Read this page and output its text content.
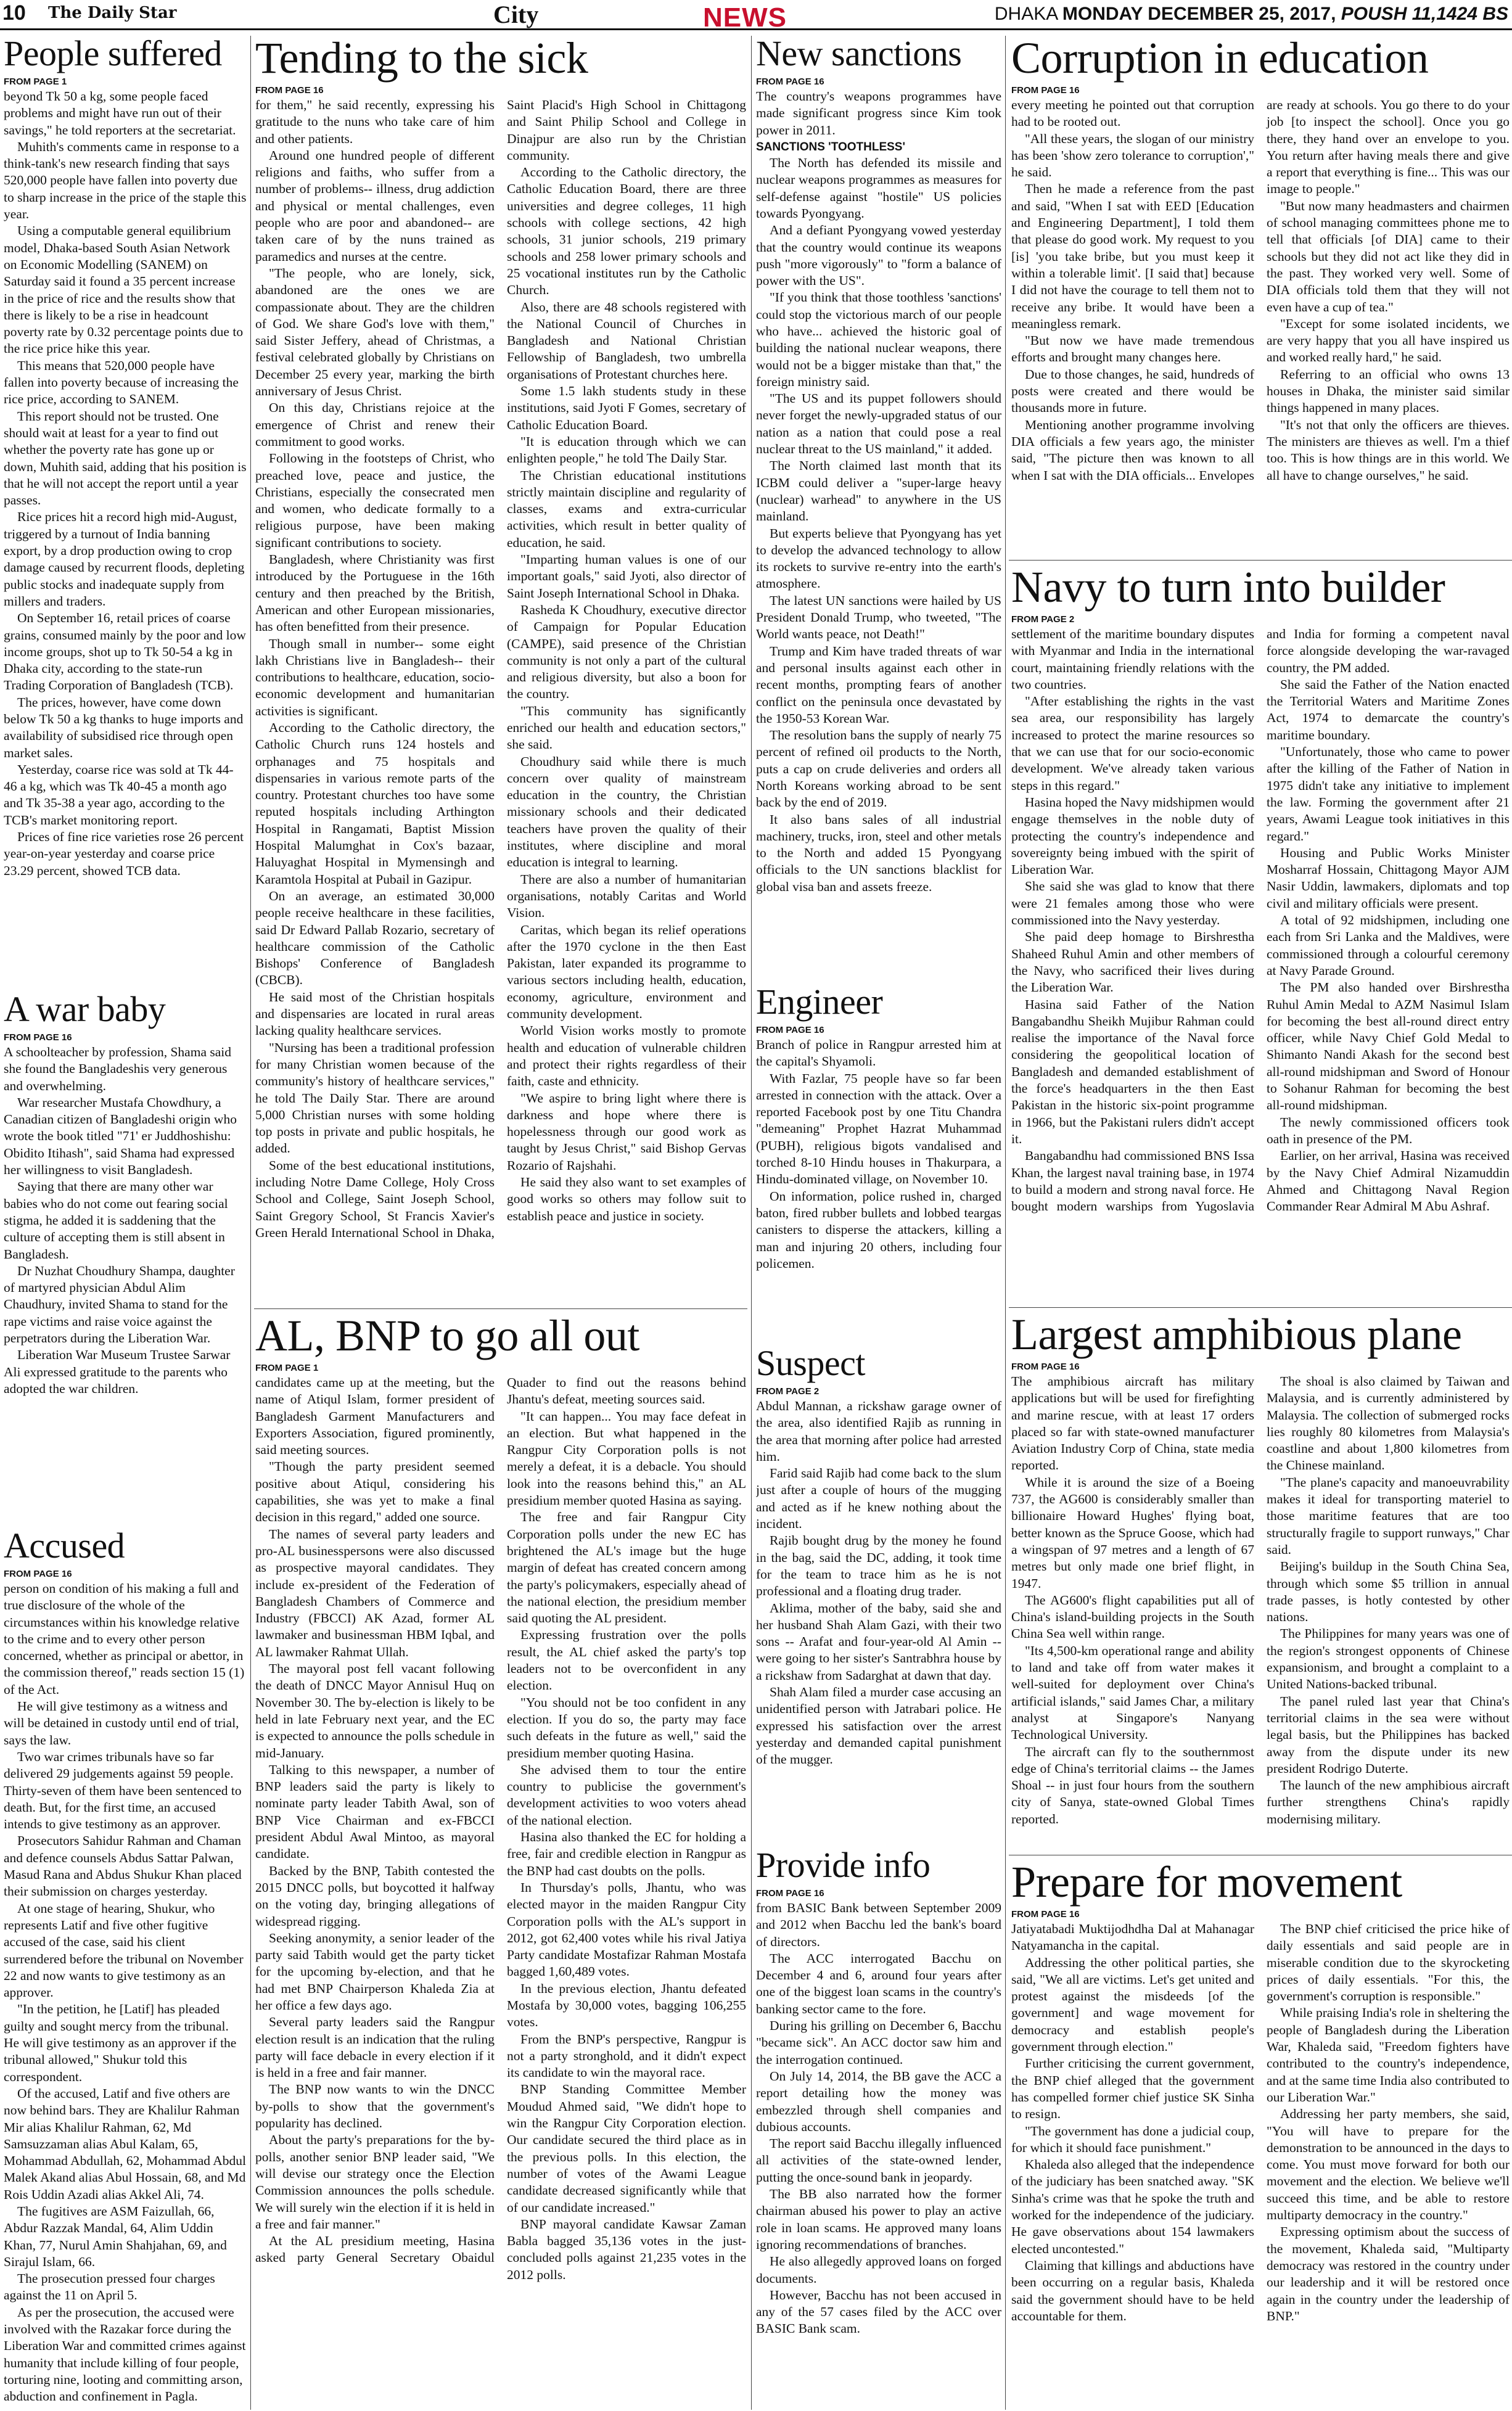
10 The Daily Star	City	NEWS	DHAKA MONDAY DECEMBER 25, 2017, POUSH 11,1424 BS
People suffered
FROM PAGE 1

beyond Tk 50 a kg, some people faced problems and might have run out of their savings," he told reporters at the secretariat.

Muhith's comments came in response to a think-tank's new research finding that says 520,000 people have fallen into poverty due to sharp increase in the price of the staple this year.

Using a computable general equilibrium model, Dhaka-based South Asian Network on Economic Modelling (SANEM) on Saturday said it found a 35 percent increase in the price of rice and the results show that there is likely to be a rise in headcount poverty rate by 0.32 percentage points due to the rice price hike this year.

This means that 520,000 people have fallen into poverty because of increasing the rice price, according to SANEM.

This report should not be trusted. One should wait at least for a year to find out whether the poverty rate has gone up or down, Muhith said, adding that his position is that he will not accept the report until a year passes.

Rice prices hit a record high mid-August, triggered by a turnout of India banning export, by a drop production owing to crop damage caused by recurrent floods, depleting public stocks and inadequate supply from millers and traders.

On September 16, retail prices of coarse grains, consumed mainly by the poor and low income groups, shot up to Tk 50-54 a kg in Dhaka city, according to the state-run Trading Corporation of Bangladesh (TCB).

The prices, however, have come down below Tk 50 a kg thanks to huge imports and availability of subsidised rice through open market sales.

Yesterday, coarse rice was sold at Tk 44-46 a kg, which was Tk 40-45 a month ago and Tk 35-38 a year ago, according to the TCB's market monitoring report.

Prices of fine rice varieties rose 26 percent year-on-year yesterday and coarse price 23.29 percent, showed TCB data.

A war baby
FROM PAGE 16

A schoolteacher by profession, Shama said she found the Bangladeshis very generous and overwhelming.

War researcher Mustafa Chowdhury, a Canadian citizen of Bangladeshi origin who wrote the book titled "71' er Juddhoshishu: Obidito Itihash", said Shama had expressed her willingness to visit Bangladesh.

Saying that there are many other war babies who do not come out fearing social stigma, he added it is saddening that the culture of accepting them is still absent in Bangladesh.

Dr Nuzhat Choudhury Shampa, daughter of martyred physician Abdul Alim Chaudhury, invited Shama to stand for the rape victims and raise voice against the perpetrators during the Liberation War.

Liberation War Museum Trustee Sarwar Ali expressed gratitude to the parents who adopted the war children.

Accused
FROM PAGE 16

person on condition of his making a full and true disclosure of the whole of the circumstances within his knowledge relative to the crime and to every other person concerned, whether as principal or abettor, in the commission thereof," reads section 15 (1) of the Act.

He will give testimony as a witness and will be detained in custody until end of trial, says the law.

Two war crimes tribunals have so far delivered 29 judgements against 59 people. Thirty-seven of them have been sentenced to death. But, for the first time, an accused intends to give testimony as an approver.

Prosecutors Sahidur Rahman and Chaman and defence counsels Abdus Sattar Palwan, Masud Rana and Abdus Shukur Khan placed their submission on charges yesterday.

At one stage of hearing, Shukur, who represents Latif and five other fugitive accused of the case, said his client surrendered before the tribunal on November 22 and now wants to give testimony as an approver.

"In the petition, he [Latif] has pleaded guilty and sought mercy from the tribunal. He will give testimony as an approver if the tribunal allowed," Shukur told this correspondent.

Of the accused, Latif and five others are now behind bars. They are Khalilur Rahman Mir alias Khalilur Rahman, 62, Md Samsuzzaman alias Abul Kalam, 65, Mohammad Abdullah, 62, Mohammad Abdul Malek Akand alias Abul Hossain, 68, and Md Rois Uddin Azadi alias Akkel Ali, 74.

The fugitives are ASM Faizullah, 66, Abdur Razzak Mandal, 64, Alim Uddin Khan, 77, Nurul Amin Shahjahan, 69, and Sirajul Islam, 66.

The prosecution pressed four charges against the 11 on April 5.

As per the prosecution, the accused were involved with the Razakar force during the Liberation War and committed crimes against humanity that include killing of four people, torturing nine, looting and committing arson, abduction and confinement in Pagla.

Tending to the sick
FROM PAGE 16

for them," he said recently, expressing his gratitude to the nuns who take care of him and other patients.

Around one hundred people of different religions and faiths, who suffer from a number of problems-- illness, drug addiction and physical or mental challenges, even people who are poor and abandoned-- are taken care of by the nuns trained as paramedics and nurses at the centre.

"The people, who are lonely, sick, abandoned are the ones we are compassionate about. They are the children of God. We share God's love with them," said Sister Jeffery, ahead of Christmas, a festival celebrated globally by Christians on December 25 every year, marking the birth anniversary of Jesus Christ.

On this day, Christians rejoice at the emergence of Christ and renew their commitment to good works.

Following in the footsteps of Christ, who preached love, peace and justice, the Christians, especially the consecrated men and women, who dedicate formally to a religious purpose, have been making significant contributions to society.

Bangladesh, where Christianity was first introduced by the Portuguese in the 16th century and then preached by the British, American and other European missionaries, has often benefitted from their presence.

Though small in number-- some eight lakh Christians live in Bangladesh-- their contributions to healthcare, education, socio-economic development and humanitarian activities is significant.

According to the Catholic directory, the Catholic Church runs 124 hostels and orphanages and 75 hospitals and dispensaries in various remote parts of the country. Protestant churches too have some reputed hospitals including Arthington Hospital in Rangamati, Baptist Mission Hospital Malumghat in Cox's bazaar, Haluyaghat Hospital in Mymensingh and Karamtola Hospital at Pubail in Gazipur.

On an average, an estimated 30,000 people receive healthcare in these facilities, said Dr Edward Pallab Rozario, secretary of healthcare commission of the Catholic Bishops' Conference of Bangladesh (CBCB).

He said most of the Christian hospitals and dispensaries are located in rural areas lacking quality healthcare services.

"Nursing has been a traditional profession for many Christian women because of the community's history of healthcare services," he told The Daily Star. There are around 5,000 Christian nurses with some holding top posts in private and public hospitals, he added.

Some of the best educational institutions, including Notre Dame College, Holy Cross School and College, Saint Joseph School, Saint Gregory School, St Francis Xavier's Green Herald International School in Dhaka, Saint Placid's High School in Chittagong and Saint Philip School and College in Dinajpur are also run by the Christian community.

According to the Catholic directory, the Catholic Education Board, there are three universities and degree colleges, 11 high schools with college sections, 42 high schools, 31 junior schools, 219 primary schools and 258 lower primary schools and 25 vocational institutes run by the Catholic Church.

Also, there are 48 schools registered with the National Council of Churches in Bangladesh and National Christian Fellowship of Bangladesh, two umbrella organisations of Protestant churches here.

Some 1.5 lakh students study in these institutions, said Jyoti F Gomes, secretary of Catholic Education Board.

"It is education through which we can enlighten people," he told The Daily Star.

The Christian educational institutions strictly maintain discipline and regularity of classes, exams and extra-curricular activities, which result in better quality of education, he said.

"Imparting human values is one of our important goals," said Jyoti, also director of Saint Joseph International School in Dhaka.

Rasheda K Choudhury, executive director of Campaign for Popular Education (CAMPE), said presence of the Christian community is not only a part of the cultural and religious diversity, but also a boon for the country.

"This community has significantly enriched our health and education sectors," she said.

Choudhury said while there is much concern over quality of mainstream education in the country, the Christian missionary schools and their dedicated teachers have proven the quality of their institutes, where discipline and moral education is integral to learning.

There are also a number of humanitarian organisations, notably Caritas and World Vision.

Caritas, which began its relief operations after the 1970 cyclone in the then East Pakistan, later expanded its programme to various sectors including health, education, economy, agriculture, environment and community development.

World Vision works mostly to promote health and education of vulnerable children and protect their rights regardless of their faith, caste and ethnicity.

"We aspire to bring light where there is darkness and hope where there is hopelessness through our good work as taught by Jesus Christ," said Bishop Gervas Rozario of Rajshahi.

He said they also want to set examples of good works so others may follow suit to establish peace and justice in society.

AL, BNP to go all out
FROM PAGE 1

candidates came up at the meeting, but the name of Atiqul Islam, former president of Bangladesh Garment Manufacturers and Exporters Association, figured prominently, said meeting sources.

"Though the party president seemed positive about Atiqul, considering his capabilities, she was yet to make a final decision in this regard," added one source.

The names of several party leaders and pro-AL businesspersons were also discussed as prospective mayoral candidates. They include ex-president of the Federation of Bangladesh Chambers of Commerce and Industry (FBCCI) AK Azad, former AL lawmaker and businessman HBM Iqbal, and AL lawmaker Rahmat Ullah.

The mayoral post fell vacant following the death of DNCC Mayor Annisul Huq on November 30. The by-election is likely to be held in late February next year, and the EC is expected to announce the polls schedule in mid-January.

Talking to this newspaper, a number of BNP leaders said the party is likely to nominate party leader Tabith Awal, son of BNP Vice Chairman and ex-FBCCI president Abdul Awal Mintoo, as mayoral candidate.

Backed by the BNP, Tabith contested the 2015 DNCC polls, but boycotted it halfway on the voting day, bringing allegations of widespread rigging.

Seeking anonymity, a senior leader of the party said Tabith would get the party ticket for the upcoming by-election, and that he had met BNP Chairperson Khaleda Zia at her office a few days ago.

Several party leaders said the Rangpur election result is an indication that the ruling party will face debacle in every election if it is held in a free and fair manner.

The BNP now wants to win the DNCC by-polls to show that the government's popularity has declined.

About the party's preparations for the by-polls, another senior BNP leader said, "We will devise our strategy once the Election Commission announces the polls schedule. We will surely win the election if it is held in a free and fair manner."

At the AL presidium meeting, Hasina asked party General Secretary Obaidul Quader to find out the reasons behind Jhantu's defeat, meeting sources said.

"It can happen... You may face defeat in an election. But what happened in the Rangpur City Corporation polls is not merely a defeat, it is a debacle. You should look into the reasons behind this," an AL presidium member quoted Hasina as saying.

The free and fair Rangpur City Corporation polls under the new EC has brightened the AL's image but the huge margin of defeat has created concern among the party's policymakers, especially ahead of the national election, the presidium member said quoting the AL president.

Expressing frustration over the polls result, the AL chief asked the party's top leaders not to be overconfident in any election.

"You should not be too confident in any election. If you do so, the party may face such defeats in the future as well," said the presidium member quoting Hasina.

She advised them to tour the entire country to publicise the government's development activities to woo voters ahead of the national election.

Hasina also thanked the EC for holding a free, fair and credible election in Rangpur as the BNP had cast doubts on the polls.

In Thursday's polls, Jhantu, who was elected mayor in the maiden Rangpur City Corporation polls with the AL's support in 2012, got 62,400 votes while his rival Jatiya Party candidate Mostafizar Rahman Mostafa bagged 1,60,489 votes.

In the previous election, Jhantu defeated Mostafa by 30,000 votes, bagging 106,255 votes.

From the BNP's perspective, Rangpur is not a party stronghold, and it didn't expect its candidate to win the mayoral race.

BNP Standing Committee Member Moudud Ahmed said, "We didn't hope to win the Rangpur City Corporation election. Our candidate secured the third place as in the previous polls. In this election, the number of votes of the Awami League candidate decreased significantly while that of our candidate increased."

BNP mayoral candidate Kawsar Zaman Babla bagged 35,136 votes in the just-concluded polls against 21,235 votes in the 2012 polls.

New sanctions
FROM PAGE 16

The country's weapons programmes have made significant progress since Kim took power in 2011.

SANCTIONS 'TOOTHLESS'

The North has defended its missile and nuclear weapons programmes as measures for self-defense against "hostile" US policies towards Pyongyang.

And a defiant Pyongyang vowed yesterday that the country would continue its weapons push "more vigorously" to "form a balance of power with the US".

"If you think that those toothless 'sanctions' could stop the victorious march of our people who have... achieved the historic goal of building the national nuclear weapons, there would not be a bigger mistake than that," the foreign ministry said.

"The US and its puppet followers should never forget the newly-upgraded status of our nation as a nation that could pose a real nuclear threat to the US mainland," it added.

The North claimed last month that its ICBM could deliver a "super-large heavy (nuclear) warhead" to anywhere in the US mainland.

But experts believe that Pyongyang has yet to develop the advanced technology to allow its rockets to survive re-entry into the earth's atmosphere.

The latest UN sanctions were hailed by US President Donald Trump, who tweeted, "The World wants peace, not Death!"

Trump and Kim have traded threats of war and personal insults against each other in recent months, prompting fears of another conflict on the peninsula once devastated by the 1950-53 Korean War.

The resolution bans the supply of nearly 75 percent of refined oil products to the North, puts a cap on crude deliveries and orders all North Koreans working abroad to be sent back by the end of 2019.

It also bans sales of all industrial machinery, trucks, iron, steel and other metals to the North and added 15 Pyongyang officials to the UN sanctions blacklist for global visa ban and assets freeze.

Engineer
FROM PAGE 16

Branch of police in Rangpur arrested him at the capital's Shyamoli.

With Fazlar, 75 people have so far been arrested in connection with the attack. Over a reported Facebook post by one Titu Chandra "demeaning" Prophet Hazrat Muhammad (PUBH), religious bigots vandalised and torched 8-10 Hindu houses in Thakurpara, a Hindu-dominated village, on November 10.

On information, police rushed in, charged baton, fired rubber bullets and lobbed teargas canisters to disperse the attackers, killing a man and injuring 20 others, including four policemen.

Suspect
FROM PAGE 2

Abdul Mannan, a rickshaw garage owner of the area, also identified Rajib as running in the area that morning after police had arrested him.

Farid said Rajib had come back to the slum just after a couple of hours of the mugging and acted as if he knew nothing about the incident.

Rajib bought drug by the money he found in the bag, said the DC, adding, it took time for the team to trace him as he is not professional and a floating drug trader.

Aklima, mother of the baby, said she and her husband Shah Alam Gazi, with their two sons -- Arafat and four-year-old Al Amin -- were going to her sister's Santrabhra house by a rickshaw from Sadarghat at dawn that day.

Shah Alam filed a murder case accusing an unidentified person with Jatrabari police. He expressed his satisfaction over the arrest yesterday and demanded capital punishment of the mugger.

Provide info
FROM PAGE 16

from BASIC Bank between September 2009 and 2012 when Bacchu led the bank's board of directors.

The ACC interrogated Bacchu on December 4 and 6, around four years after one of the biggest loan scams in the country's banking sector came to the fore.

During his grilling on December 6, Bacchu "became sick". An ACC doctor saw him and the interrogation continued.

On July 14, 2014, the BB gave the ACC a report detailing how the money was embezzled through shell companies and dubious accounts.

The report said Bacchu illegally influenced all activities of the state-owned lender, putting the once-sound bank in jeopardy.

The BB also narrated how the former chairman abused his power to play an active role in loan scams. He approved many loans ignoring recommendations of branches.

He also allegedly approved loans on forged documents.

However, Bacchu has not been accused in any of the 57 cases filed by the ACC over BASIC Bank scam.

Corruption in education
FROM PAGE 16

every meeting he pointed out that corruption had to be rooted out.

"All these years, the slogan of our ministry has been 'show zero tolerance to corruption'," he said.

Then he made a reference from the past and said, "When I sat with EED [Education and Engineering Department], I told them that please do good work. My request to you [is] 'you take bribe, but you must keep it within a tolerable limit'. [I said that] because I did not have the courage to tell them not to receive any bribe. It would have been a meaningless remark.

"But now we have made tremendous efforts and brought many changes here.

Due to those changes, he said, hundreds of posts were created and there would be thousands more in future.

Mentioning another programme involving DIA officials a few years ago, the minister said, "The picture then was known to all when I sat with the DIA officials... Envelopes are ready at schools. You go there to do your job [to inspect the school]. Once you go there, they hand over an envelope to you. You return after having meals there and give a report that everything is fine... This was our image to people."

"But now many headmasters and chairmen of school managing committees phone me to tell that officials [of DIA] came to their schools but they did not act like they did in the past. They worked very well. Some of DIA officials told them that they will not even have a cup of tea."

"Except for some isolated incidents, we are very happy that you all have inspired us and worked really hard," he said.

Referring to an official who owns 13 houses in Dhaka, the minister said similar things happened in many places.

"It's not that only the officers are thieves. The ministers are thieves as well. I'm a thief too. This is how things are in this world. We all have to change ourselves," he said.

Navy to turn into builder
FROM PAGE 2

settlement of the maritime boundary disputes with Myanmar and India in the international court, maintaining friendly relations with the two countries.

"After establishing the rights in the vast sea area, our responsibility has largely increased to protect the marine resources so that we can use that for our socio-economic development. We've already taken various steps in this regard."

Hasina hoped the Navy midshipmen would engage themselves in the noble duty of protecting the country's independence and sovereignty being imbued with the spirit of Liberation War.

She said she was glad to know that there were 21 females among those who were commissioned into the Navy yesterday.

She paid deep homage to Birshrestha Shaheed Ruhul Amin and other members of the Navy, who sacrificed their lives during the Liberation War.

Hasina said Father of the Nation Bangabandhu Sheikh Mujibur Rahman could realise the importance of the Naval force considering the geopolitical location of Bangladesh and demanded establishment of the force's headquarters in the then East Pakistan in the historic six-point programme in 1966, but the Pakistani rulers didn't accept it.

Bangabandhu had commissioned BNS Issa Khan, the largest naval training base, in 1974 to build a modern and strong naval force. He bought modern warships from Yugoslavia and India for forming a competent naval force alongside developing the war-ravaged country, the PM added.

She said the Father of the Nation enacted the Territorial Waters and Maritime Zones Act, 1974 to demarcate the country's maritime boundary.

"Unfortunately, those who came to power after the killing of the Father of Nation in 1975 didn't take any initiative to implement the law. Forming the government after 21 years, Awami League took initiatives in this regard."

Housing and Public Works Minister Mosharraf Hossain, Chittagong Mayor AJM Nasir Uddin, lawmakers, diplomats and top civil and military officials were present.

A total of 92 midshipmen, including one each from Sri Lanka and the Maldives, were commissioned through a colourful ceremony at Navy Parade Ground.

The PM also handed over Birshrestha Ruhul Amin Medal to AZM Nasimul Islam for becoming the best all-round direct entry officer, while Navy Chief Gold Medal to Shimanto Nandi Akash for the second best all-round midshipman and Sword of Honour to Sohanur Rahman for becoming the best all-round midshipman.

The newly commissioned officers took oath in presence of the PM.

Earlier, on her arrival, Hasina was received by the Navy Chief Admiral Nizamuddin Ahmed and Chittagong Naval Region Commander Rear Admiral M Abu Ashraf.

Largest amphibious plane
FROM PAGE 16

The amphibious aircraft has military applications but will be used for firefighting and marine rescue, with at least 17 orders placed so far with state-owned manufacturer Aviation Industry Corp of China, state media reported.

While it is around the size of a Boeing 737, the AG600 is considerably smaller than billionaire Howard Hughes' flying boat, better known as the Spruce Goose, which had a wingspan of 97 metres and a length of 67 metres but only made one brief flight, in 1947.

The AG600's flight capabilities put all of China's island-building projects in the South China Sea well within range.

"Its 4,500-km operational range and ability to land and take off from water makes it well-suited for deployment over China's artificial islands," said James Char, a military analyst at Singapore's Nanyang Technological University.

The aircraft can fly to the southernmost edge of China's territorial claims -- the James Shoal -- in just four hours from the southern city of Sanya, state-owned Global Times reported.

The shoal is also claimed by Taiwan and Malaysia, and is currently administered by Malaysia. The collection of submerged rocks lies roughly 80 kilometres from Malaysia's coastline and about 1,800 kilometres from the Chinese mainland.

"The plane's capacity and manoeuvrability makes it ideal for transporting materiel to those maritime features that are too structurally fragile to support runways," Char said.

Beijing's buildup in the South China Sea, through which some $5 trillion in annual trade passes, is hotly contested by other nations.

The Philippines for many years was one of the region's strongest opponents of Chinese expansionism, and brought a complaint to a United Nations-backed tribunal.

The panel ruled last year that China's territorial claims in the sea were without legal basis, but the Philippines has backed away from the dispute under its new president Rodrigo Duterte.

The launch of the new amphibious aircraft further strengthens China's rapidly modernising military.

Prepare for movement
FROM PAGE 16

Jatiyatabadi Muktijodhdha Dal at Mahanagar Natyamancha in the capital.

Addressing the other political parties, she said, "We all are victims. Let's get united and protest against the misdeeds [of the government] and wage movement for democracy and establish people's government through election."

Further criticising the current government, the BNP chief alleged that the government has compelled former chief justice SK Sinha to resign.

"The government has done a judicial coup, for which it should face punishment."

Khaleda also alleged that the independence of the judiciary has been snatched away. "SK Sinha's crime was that he spoke the truth and worked for the independence of the judiciary. He gave observations about 154 lawmakers elected uncontested."

Claiming that killings and abductions have been occurring on a regular basis, Khaleda said the government should have to be held accountable for them.

The BNP chief criticised the price hike of daily essentials and said people are in miserable condition due to the skyrocketing prices of daily essentials. "For this, the government's corruption is responsible."

While praising India's role in sheltering the people of Bangladesh during the Liberation War, Khaleda said, "Freedom fighters have contributed to the country's independence, and at the same time India also contributed to our Liberation War."

Addressing her party members, she said, "You will have to prepare for the demonstration to be announced in the days to come. You must move forward for both our movement and the election. We believe we'll succeed this time, and be able to restore multiparty democracy in the country."

Expressing optimism about the success of the movement, Khaleda said, "Multiparty democracy was restored in the country under our leadership and it will be restored once again in the country under the leadership of BNP."
